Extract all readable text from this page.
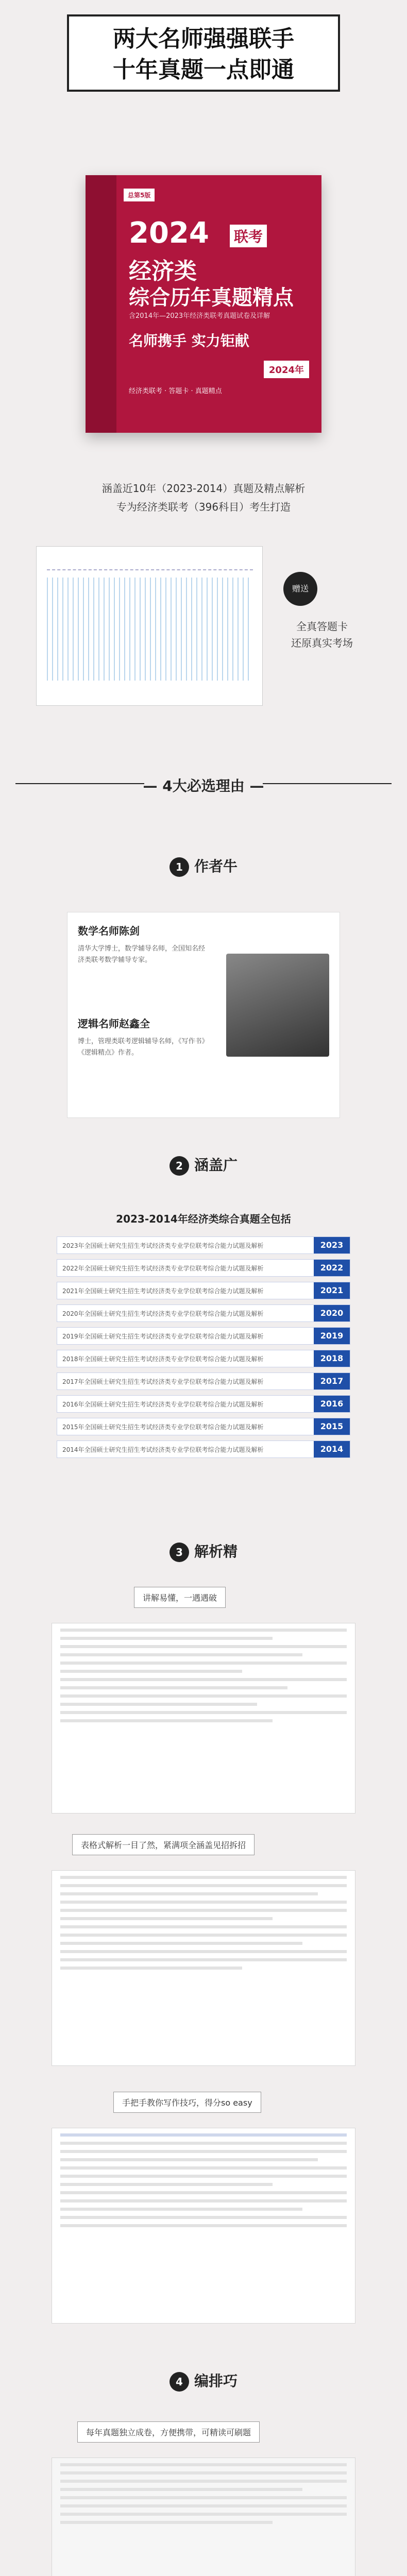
两大名师强强联手
十年真题一点即通
总第5版
2024 联考
经济类
综合历年真题精点
含2014年—2023年经济类联考真题试卷及详解
名师携手 实力钜献
2024年
经济类联考 · 答题卡 · 真题精点

涵盖近10年（2023-2014）真题及精点解析

专为经济类联考（396科目）考生打造

赠送
全真答题卡
还原真实考场
— 4大必选理由 —
1 作者牛
数学名师陈剑
清华大学博士，数学辅导名师，全国知名经济类联考数学辅导专家。
逻辑名师赵鑫全
博士，管理类联考逻辑辅导名师，《写作书》《逻辑精点》作者。
2 涵盖广
2023-2014年经济类综合真题全包括
2023年全国硕士研究生招生考试经济类专业学位联考综合能力试题及解析	2023
2022年全国硕士研究生招生考试经济类专业学位联考综合能力试题及解析	2022
2021年全国硕士研究生招生考试经济类专业学位联考综合能力试题及解析	2021
2020年全国硕士研究生招生考试经济类专业学位联考综合能力试题及解析	2020
2019年全国硕士研究生招生考试经济类专业学位联考综合能力试题及解析	2019
2018年全国硕士研究生招生考试经济类专业学位联考综合能力试题及解析	2018
2017年全国硕士研究生招生考试经济类专业学位联考综合能力试题及解析	2017
2016年全国硕士研究生招生考试经济类专业学位联考综合能力试题及解析	2016
2015年全国硕士研究生招生考试经济类专业学位联考综合能力试题及解析	2015
2014年全国硕士研究生招生考试经济类专业学位联考综合能力试题及解析	2014
3 解析精
讲解易懂，一遇遇破
表格式解析一目了然，紧满项全涵盖见招拆招
手把手教你写作技巧，得分so easy
4 编排巧
每年真题独立成卷，方便携带，可精读可刷题
